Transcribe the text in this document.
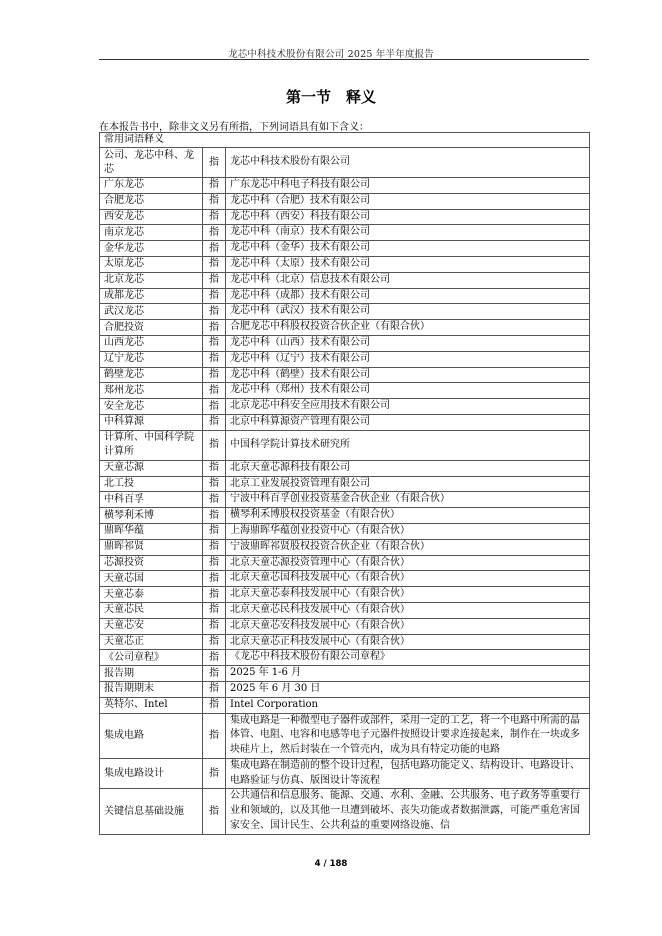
龙芯中科技术股份有限公司 2025 年半年度报告
第一节　释义
在本报告书中，除非文义另有所指，下列词语具有如下含义：
常用词语释义		
公司、龙芯中科、龙芯	指	龙芯中科技术股份有限公司
广东龙芯	指	广东龙芯中科电子科技有限公司
合肥龙芯	指	龙芯中科（合肥）技术有限公司
西安龙芯	指	龙芯中科（西安）科技有限公司
南京龙芯	指	龙芯中科（南京）技术有限公司
金华龙芯	指	龙芯中科（金华）技术有限公司
太原龙芯	指	龙芯中科（太原）技术有限公司
北京龙芯	指	龙芯中科（北京）信息技术有限公司
成都龙芯	指	龙芯中科（成都）技术有限公司
武汉龙芯	指	龙芯中科（武汉）技术有限公司
合肥投资	指	合肥龙芯中科股权投资合伙企业（有限合伙）
山西龙芯	指	龙芯中科（山西）技术有限公司
辽宁龙芯	指	龙芯中科（辽宁）技术有限公司
鹤壁龙芯	指	龙芯中科（鹤壁）技术有限公司
郑州龙芯	指	龙芯中科（郑州）技术有限公司
安全龙芯	指	北京龙芯中科安全应用技术有限公司
中科算源	指	北京中科算源资产管理有限公司
计算所、中国科学院计算所	指	中国科学院计算技术研究所
天童芯源	指	北京天童芯源科技有限公司
北工投	指	北京工业发展投资管理有限公司
中科百孚	指	宁波中科百孚创业投资基金合伙企业（有限合伙）
横琴利禾博	指	横琴利禾博股权投资基金（有限合伙）
鼎晖华蕴	指	上海鼎晖华蕴创业投资中心（有限合伙）
鼎晖祁贤	指	宁波鼎晖祁贤股权投资合伙企业（有限合伙）
芯源投资	指	北京天童芯源投资管理中心（有限合伙）
天童芯国	指	北京天童芯国科技发展中心（有限合伙）
天童芯泰	指	北京天童芯泰科技发展中心（有限合伙）
天童芯民	指	北京天童芯民科技发展中心（有限合伙）
天童芯安	指	北京天童芯安科技发展中心（有限合伙）
天童芯正	指	北京天童芯正科技发展中心（有限合伙）
《公司章程》	指	《龙芯中科技术股份有限公司章程》
报告期	指	2025 年 1-6 月
报告期期末	指	2025 年 6 月 30 日
英特尔、Intel	指	Intel Corporation
集成电路	指	集成电路是一种微型电子器件或部件，采用一定的工艺，将一个电路中所需的晶体管、电阻、电容和电感等电子元器件按照设计要求连接起来，制作在一块或多块硅片上，然后封装在一个管壳内，成为具有特定功能的电路
集成电路设计	指	集成电路在制造前的整个设计过程，包括电路功能定义、结构设计、电路设计、电路验证与仿真、版图设计等流程
关键信息基础设施	指	公共通信和信息服务、能源、交通、水利、金融、公共服务、电子政务等重要行业和领域的，以及其他一旦遭到破坏、丧失功能或者数据泄露，可能严重危害国家安全、国计民生、公共利益的重要网络设施、信
4 / 188
